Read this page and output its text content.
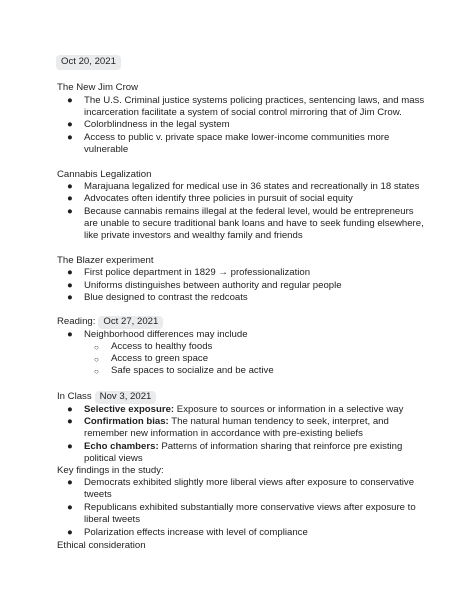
Oct 20, 2021
The New Jim Crow
● The U.S. Criminal justice systems policing practices, sentencing laws, and mass
incarceration facilitate a system of social control mirroring that of Jim Crow.
● Colorblindness in the legal system
● Access to public v. private space make lower-income communities more
vulnerable
Cannabis Legalization
● Marajuana legalized for medical use in 36 states and recreationally in 18 states
● Advocates often identify three policies in pursuit of social equity
● Because cannabis remains illegal at the federal level, would be entrepreneurs
are unable to secure traditional bank loans and have to seek funding elsewhere,
like private investors and wealthy family and friends
The Blazer experiment
● First police department in 1829 → professionalization
● Uniforms distinguishes between authority and regular people
● Blue designed to contrast the redcoats
Reading: Oct 27, 2021
● Neighborhood differences may include
○ Access to healthy foods
○ Access to green space
○ Safe spaces to socialize and be active
In Class Nov 3, 2021
● Selective exposure: Exposure to sources or information in a selective way
● Confirmation bias: The natural human tendency to seek, interpret, and
remember new information in accordance with pre-existing beliefs
● Echo chambers: Patterns of information sharing that reinforce pre existing
political views
Key findings in the study:
● Democrats exhibited slightly more liberal views after exposure to conservative
tweets
● Republicans exhibited substantially more conservative views after exposure to
liberal tweets
● Polarization effects increase with level of compliance
Ethical consideration
